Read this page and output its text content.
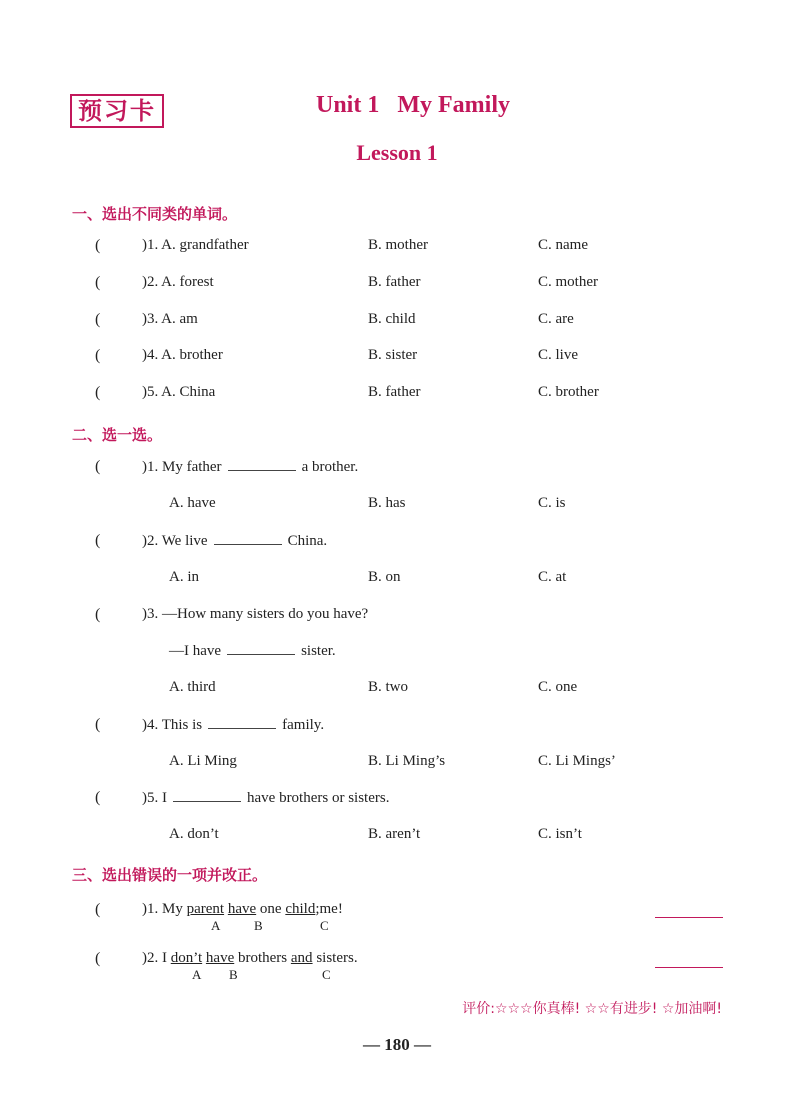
预习卡	Unit 1   My Family
Lesson 1
一、选出不同类的单词。
(	)1. A. grandfather	B. mother	C. name
(	)2. A. forest	B. father	C. mother
(	)3. A. am	B. child	C. are
(	)4. A. brother	B. sister	C. live
(	)5. A. China	B. father	C. brother
二、选一选。
(	)1. My father	a brother.
A. have	B. has	C. is
(	)2. We live	China.
A. in	B. on	C. at
(	)3. —How many sisters do you have?
—I have	sister.
A. third	B. two	C. one
(	)4. This is	family.
A. Li Ming	B. Li Ming’s	C. Li Mings’
(	)5. I	have brothers or sisters.
A. don’t	B. aren’t	C. isn’t
三、选出错误的一项并改正。
(	)1. My parent have one child;me!
A	B	C
(	)2. I don’t have brothers and sisters.
A B	C
评价:☆☆☆你真棒! ☆☆有进步! ☆加油啊!
— 180 —
